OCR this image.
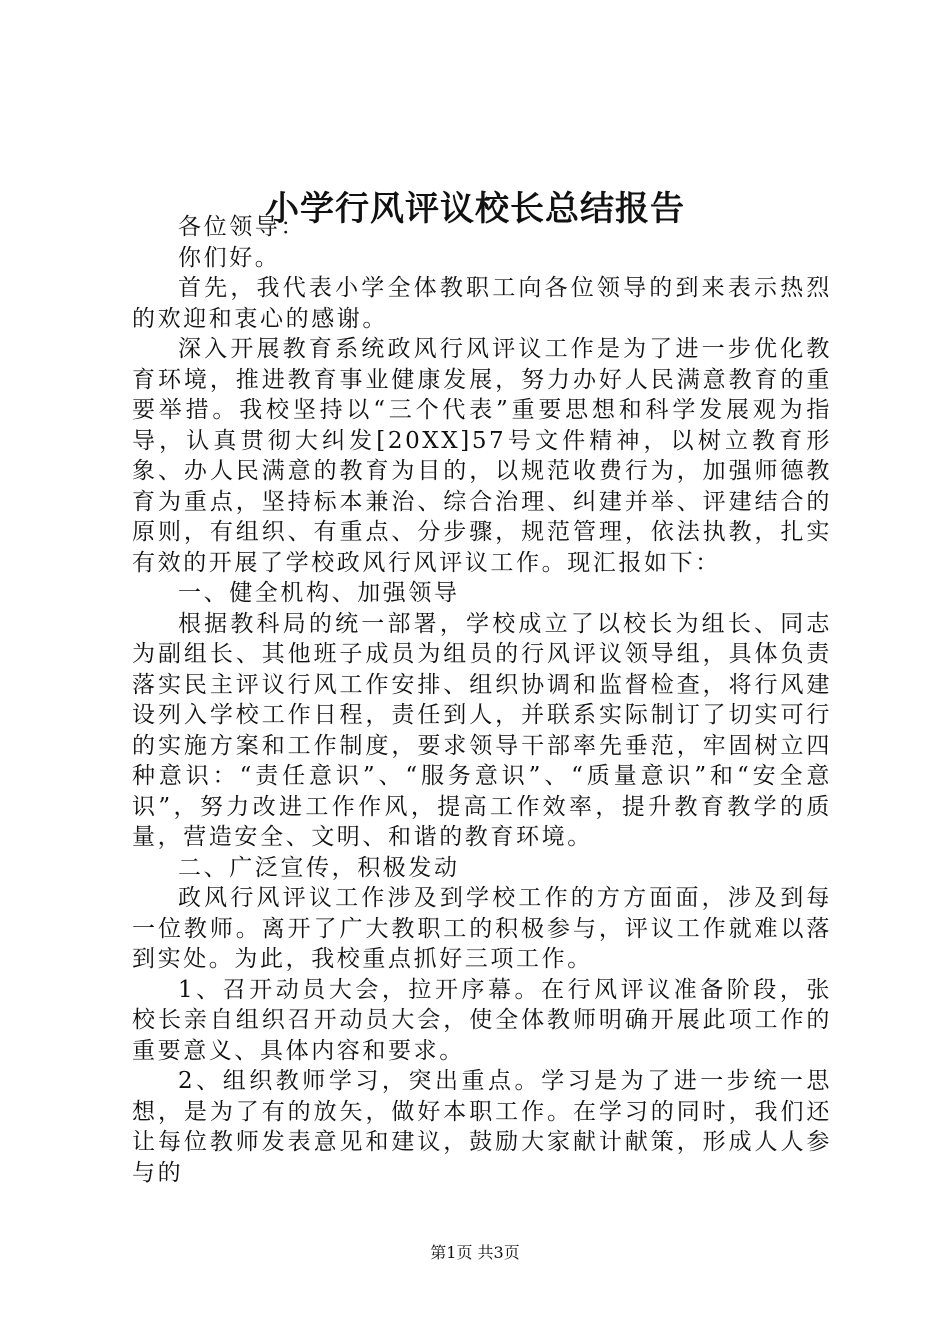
小学行风评议校长总结报告

各位领导：

你们好。

首先，我代表小学全体教职工向各位领导的到来表示热烈的欢迎和衷心的感谢。

深入开展教育系统政风行风评议工作是为了进一步优化教育环境，推进教育事业健康发展，努力办好人民满意教育的重要举措。我校坚持以“三个代表”重要思想和科学发展观为指导，认真贯彻大纠发[20XX]57号文件精神，以树立教育形象、办人民满意的教育为目的，以规范收费行为，加强师德教育为重点，坚持标本兼治、综合治理、纠建并举、评建结合的原则，有组织、有重点、分步骤，规范管理，依法执教，扎实有效的开展了学校政风行风评议工作。现汇报如下：

一、健全机构、加强领导

根据教科局的统一部署，学校成立了以校长为组长、同志为副组长、其他班子成员为组员的行风评议领导组，具体负责落实民主评议行风工作安排、组织协调和监督检查，将行风建设列入学校工作日程，责任到人，并联系实际制订了切实可行的实施方案和工作制度，要求领导干部率先垂范，牢固树立四种意识：“责任意识”、“服务意识”、“质量意识”和“安全意识”，努力改进工作作风，提高工作效率，提升教育教学的质量，营造安全、文明、和谐的教育环境。

二、广泛宣传，积极发动

政风行风评议工作涉及到学校工作的方方面面，涉及到每一位教师。离开了广大教职工的积极参与，评议工作就难以落到实处。为此，我校重点抓好三项工作。

1、召开动员大会，拉开序幕。在行风评议准备阶段，张校长亲自组织召开动员大会，使全体教师明确开展此项工作的重要意义、具体内容和要求。

2、组织教师学习，突出重点。学习是为了进一步统一思想，是为了有的放矢，做好本职工作。在学习的同时，我们还让每位教师发表意见和建议，鼓励大家献计献策，形成人人参与的

第1页 共3页
